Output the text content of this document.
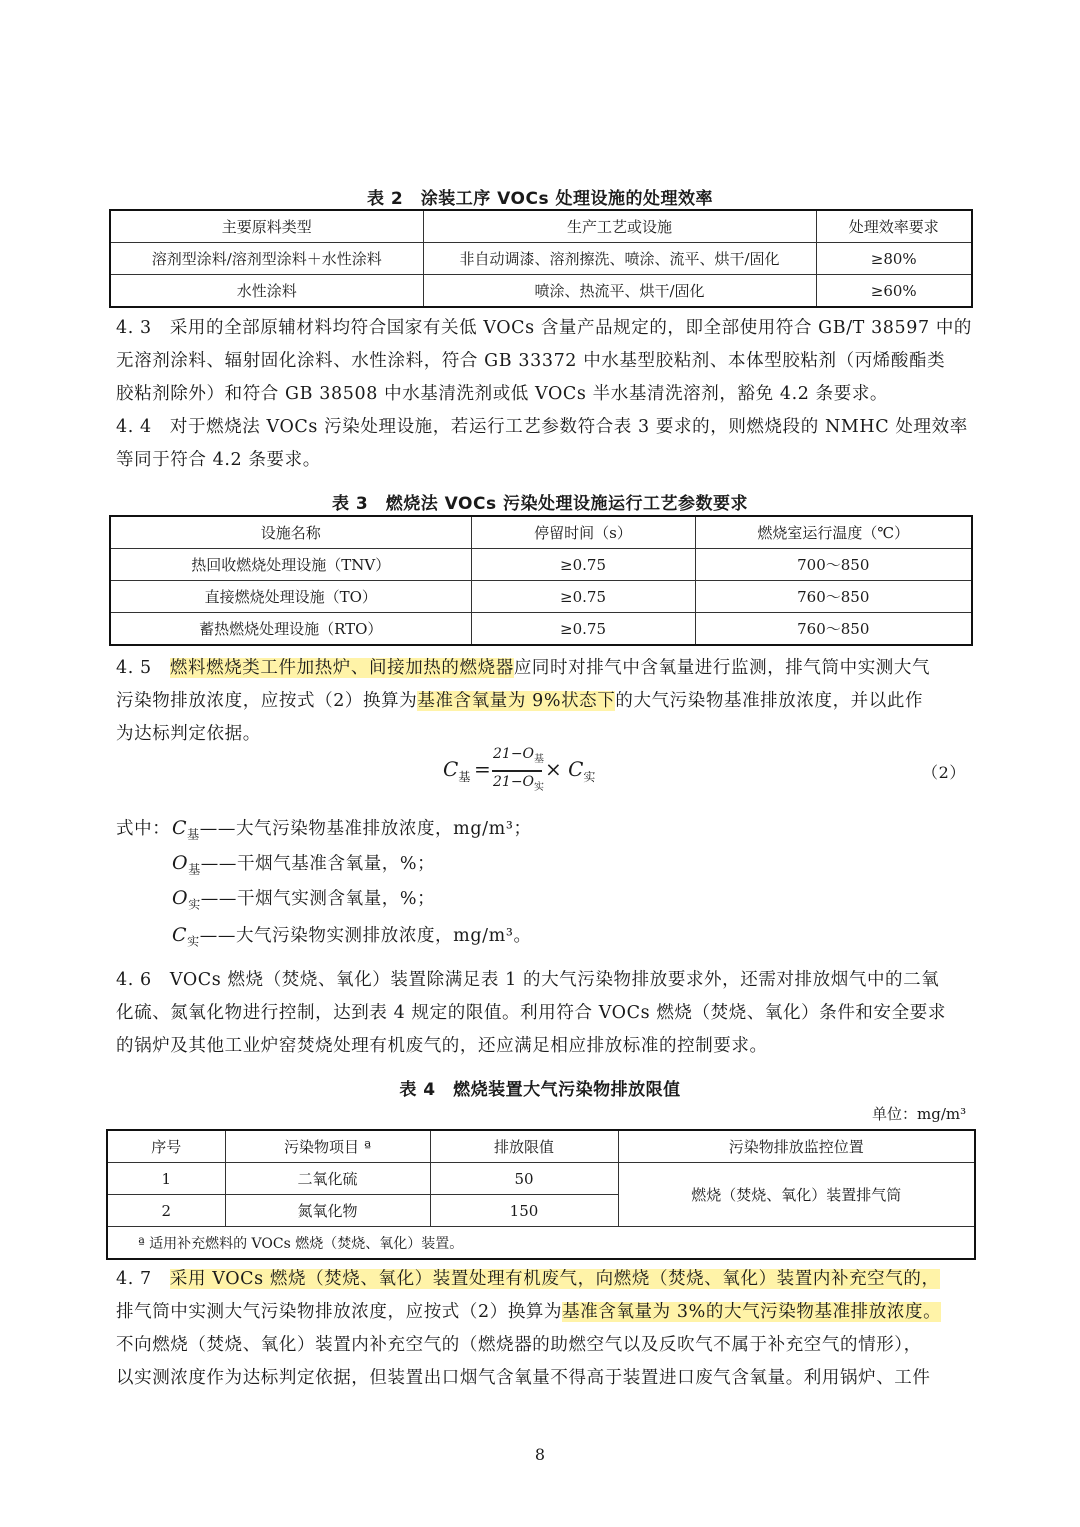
表 2　涂装工序 VOCs 处理设施的处理效率
主要原料类型	生产工艺或设施	处理效率要求
溶剂型涂料/溶剂型涂料＋水性涂料	非自动调漆、溶剂擦洗、喷涂、流平、烘干/固化	≥80%
水性涂料	喷涂、热流平、烘干/固化	≥60%
4. 3　采用的全部原辅材料均符合国家有关低 VOCs 含量产品规定的，即全部使用符合 GB/T 38597 中的
无溶剂涂料、辐射固化涂料、水性涂料，符合 GB 33372 中水基型胶粘剂、本体型胶粘剂（丙烯酸酯类
胶粘剂除外）和符合 GB 38508 中水基清洗剂或低 VOCs 半水基清洗溶剂，豁免 4.2 条要求。
4. 4　对于燃烧法 VOCs 污染处理设施，若运行工艺参数符合表 3 要求的，则燃烧段的 NMHC 处理效率
等同于符合 4.2 条要求。
表 3　燃烧法 VOCs 污染处理设施运行工艺参数要求
设施名称	停留时间（s）	燃烧室运行温度（℃）
热回收燃烧处理设施（TNV）	≥0.75	700～850
直接燃烧处理设施（TO）	≥0.75	760～850
蓄热燃烧处理设施（RTO）	≥0.75	760～850
4. 5　燃料燃烧类工件加热炉、间接加热的燃烧器应同时对排气中含氧量进行监测，排气筒中实测大气
污染物排放浓度，应按式（2）换算为基准含氧量为 9%状态下的大气污染物基准排放浓度，并以此作
为达标判定依据。
$C_基$ =
$21-O_基$
$21-O_实$
× $C_实$	（2）
式中： $C_基——$大气污染物基准排放浓度，mg/m³；
$O_基——$干烟气基准含氧量，%；
$O_实——$干烟气实测含氧量，%；
$C_实——$大气污染物实测排放浓度，mg/m³。
4. 6　VOCs 燃烧（焚烧、氧化）装置除满足表 1 的大气污染物排放要求外，还需对排放烟气中的二氧
化硫、氮氧化物进行控制，达到表 4 规定的限值。利用符合 VOCs 燃烧（焚烧、氧化）条件和安全要求
的锅炉及其他工业炉窑焚烧处理有机废气的，还应满足相应排放标准的控制要求。
表 4　燃烧装置大气污染物排放限值
单位：mg/m³
序号	污染物项目 ª	排放限值	污染物排放监控位置
1	二氧化硫	50	燃烧（焚烧、氧化）装置排气筒
2	氮氧化物	150	
ª 适用补充燃料的 VOCs 燃烧（焚烧、氧化）装置。			
4. 7　采用 VOCs 燃烧（焚烧、氧化）装置处理有机废气，向燃烧（焚烧、氧化）装置内补充空气的，
排气筒中实测大气污染物排放浓度，应按式（2）换算为基准含氧量为 3%的大气污染物基准排放浓度。
不向燃烧（焚烧、氧化）装置内补充空气的（燃烧器的助燃空气以及反吹气不属于补充空气的情形），
以实测浓度作为达标判定依据，但装置出口烟气含氧量不得高于装置进口废气含氧量。利用锅炉、工件
8
